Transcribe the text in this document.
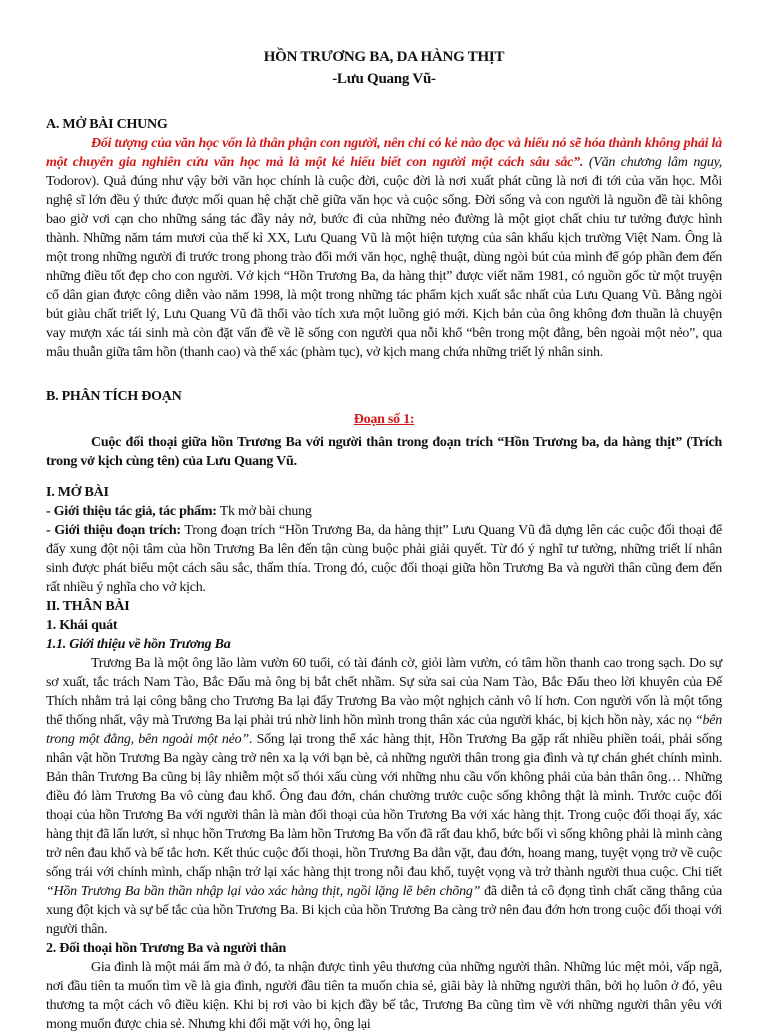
HỒN TRƯƠNG BA, DA HÀNG THỊT

-Lưu Quang Vũ-

A. MỞ BÀI CHUNG

Đối tượng của văn học vốn là thân phận con người, nên chỉ có kẻ nào đọc và hiểu nó sẽ hóa thành không phải là một chuyên gia nghiên cứu văn học mà là một kẻ hiểu biết con người một cách sâu sắc”. (Văn chương lâm nguy, Todorov). Quả đúng như vậy bởi văn học chính là cuộc đời, cuộc đời là nơi xuất phát cũng là nơi đi tới của văn học. Mỗi nghệ sĩ lớn đều ý thức được mối quan hệ chặt chẽ giữa văn học và cuộc sống. Đời sống và con người là nguồn đề tài không bao giờ vơi cạn cho những sáng tác đầy nảy nở, bước đi của những nẻo đường là một giọt chất chiu tư tưởng được hình thành. Những năm tám mươi của thế kỉ XX, Lưu Quang Vũ là một hiện tượng của sân khấu kịch trường Việt Nam. Ông là một trong những người đi trước trong phong trào đổi mới văn học, nghệ thuật, dùng ngòi bút của mình để góp phần đem đến những điều tốt đẹp cho con người. Vở kịch “Hồn Trương Ba, da hàng thịt” được viết năm 1981, có nguồn gốc từ một truyện cổ dân gian được công diễn vào năm 1998, là một trong những tác phẩm kịch xuất sắc nhất của Lưu Quang Vũ. Bằng ngòi bút giàu chất triết lý, Lưu Quang Vũ đã thổi vào tích xưa một luồng gió mới. Kịch bản của ông không đơn thuần là chuyện vay mượn xác tái sinh mà còn đặt vấn đề về lẽ sống con người qua nỗi khổ “bên trong một đằng, bên ngoài một nẻo”, qua mâu thuẫn giữa tâm hồn (thanh cao) và thể xác (phàm tục), vở kịch mang chứa những triết lý nhân sinh.

B. PHÂN TÍCH ĐOẠN

Đoạn số 1:

Cuộc đối thoại giữa hồn Trương Ba với người thân trong đoạn trích “Hồn Trương ba, da hàng thịt” (Trích trong vở kịch cùng tên) của Lưu Quang Vũ.

I. MỞ BÀI

- Giới thiệu tác giả, tác phẩm: Tk mở bài chung

- Giới thiệu đoạn trích: Trong đoạn trích “Hồn Trương Ba, da hàng thịt” Lưu Quang Vũ đã dựng lên các cuộc đối thoại để đẩy xung đột nội tâm của hồn Trương Ba lên đến tận cùng buộc phải giải quyết. Từ đó ý nghĩ tư tưởng, những triết lí nhân sinh được phát biểu một cách sâu sắc, thấm thía. Trong đó, cuộc đối thoại giữa hồn Trương Ba và người thân cũng đem đến rất nhiều ý nghĩa cho vở kịch.

II. THÂN BÀI

1. Khái quát

1.1. Giới thiệu về hồn Trương Ba

Trương Ba là một ông lão làm vườn 60 tuổi, có tài đánh cờ, giỏi làm vườn, có tâm hồn thanh cao trong sạch. Do sự sơ xuất, tắc trách Nam Tào, Bắc Đẩu mà ông bị bắt chết nhầm. Sự sửa sai của Nam Tào, Bắc Đẩu theo lời khuyên của Đế Thích nhằm trả lại công bằng cho Trương Ba lại đẩy Trương Ba vào một nghịch cảnh vô lí hơn. Con người vốn là một tổng thể thống nhất, vậy mà Trương Ba lại phải trú nhờ linh hồn mình trong thân xác của người khác, bị kịch hồn này, xác nọ “bên trong một đằng, bên ngoài một nẻo”. Sống lại trong thể xác hàng thịt, Hồn Trương Ba gặp rất nhiều phiền toái, phải sống nhân vật hồn Trương Ba ngày càng trở nên xa lạ với bạn bè, cả những người thân trong gia đình và tự chán ghét chính mình. Bản thân Trương Ba cũng bị lây nhiễm một số thói xấu cùng với những nhu cầu vốn không phải của bản thân ông… Những điều đó làm Trương Ba vô cùng đau khổ. Ông đau đớn, chán chường trước cuộc sống không thật là mình. Trước cuộc đối thoại của hồn Trương Ba với người thân là màn đối thoại của hồn Trương Ba với xác hàng thịt. Trong cuộc đối thoại ấy, xác hàng thịt đã lấn lướt, sỉ nhục hồn Trương Ba làm hồn Trương Ba vốn đã rất đau khổ, bức bối vì sống không phải là mình càng trở nên đau khổ và bế tắc hơn. Kết thúc cuộc đối thoại, hồn Trương Ba dằn vặt, đau đớn, hoang mang, tuyệt vọng trở về cuộc sống trái với chính mình, chấp nhận trở lại xác hàng thịt trong nỗi đau khổ, tuyệt vọng và trở thành người thua cuộc. Chi tiết “Hồn Trương Ba bần thần nhập lại vào xác hàng thịt, ngồi lặng lẽ bên chõng” đã diễn tả cô đọng tình chất căng thẳng của xung đột kịch và sự bế tắc của hồn Trương Ba. Bi kịch của hồn Trương Ba càng trở nên đau đớn hơn trong cuộc đối thoại với người thân.

2. Đối thoại hồn Trương Ba và người thân

Gia đình là một mái ấm mà ở đó, ta nhận được tình yêu thương của những người thân. Những lúc mệt mỏi, vấp ngã, nơi đầu tiên ta muốn tìm về là gia đình, người đầu tiên ta muốn chia sẻ, giãi bày là những người thân, bởi họ luôn ở đó, yêu thương ta một cách vô điều kiện. Khi bị rơi vào bi kịch đầy bế tắc, Trương Ba cũng tìm về với những người thân yêu với mong muốn được chia sẻ. Nhưng khi đối mặt với họ, ông lại
